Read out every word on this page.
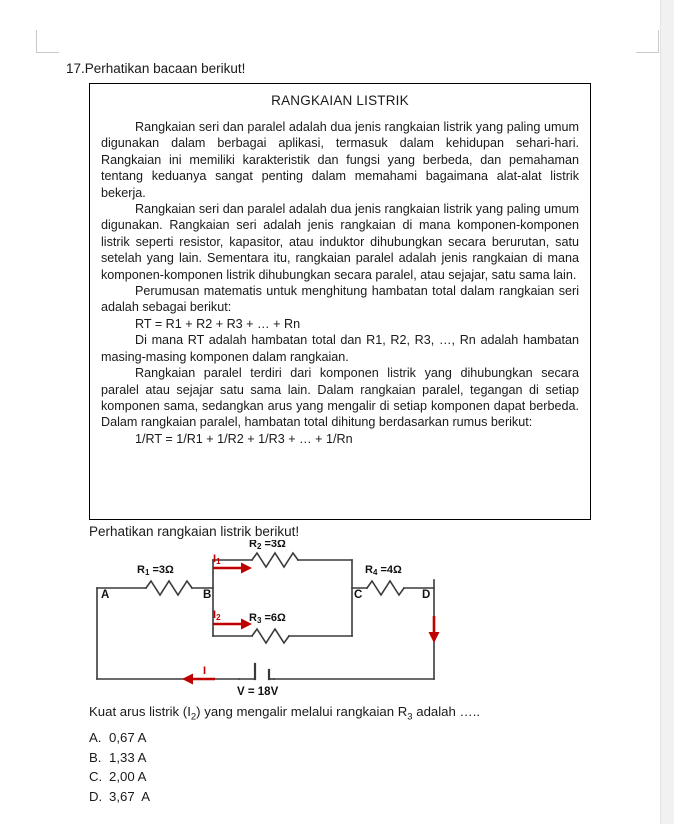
17. Perhatikan bacaan berikut!
RANGKAIAN LISTRIK

Rangkaian seri dan paralel adalah dua jenis rangkaian listrik yang paling umum digunakan dalam berbagai aplikasi, termasuk dalam kehidupan sehari-hari. Rangkaian ini memiliki karakteristik dan fungsi yang berbeda, dan pemahaman tentang keduanya sangat penting dalam memahami bagaimana alat-alat listrik bekerja.

Rangkaian seri dan paralel adalah dua jenis rangkaian listrik yang paling umum digunakan. Rangkaian seri adalah jenis rangkaian di mana komponen-komponen listrik seperti resistor, kapasitor, atau induktor dihubungkan secara berurutan, satu setelah yang lain. Sementara itu, rangkaian paralel adalah jenis rangkaian di mana komponen-komponen listrik dihubungkan secara paralel, atau sejajar, satu sama lain.

Perumusan matematis untuk menghitung hambatan total dalam rangkaian seri adalah sebagai berikut:

RT = R1 + R2 + R3 + … + Rn

Di mana RT adalah hambatan total dan R1, R2, R3, …, Rn adalah hambatan masing-masing komponen dalam rangkaian.

Rangkaian paralel terdiri dari komponen listrik yang dihubungkan secara paralel atau sejajar satu sama lain. Dalam rangkaian paralel, tegangan di setiap komponen sama, sedangkan arus yang mengalir di setiap komponen dapat berbeda. Dalam rangkaian paralel, hambatan total dihitung berdasarkan rumus berikut:

1/RT = 1/R1 + 1/R2 + 1/R3 + … + 1/Rn

Perhatikan rangkaian listrik berikut!
A	B	C	D
R1 =3Ω
R2 =3Ω
R3 =6Ω
R4 =4Ω
I1
I2
I
V = 18V
Kuat arus listrik $(I_2)$ yang mengalir melalui rangkaian $R_3$ adalah …..
A. 0,67 A
B. 1,33 A
C. 2,00 A
D. 3,67  A
